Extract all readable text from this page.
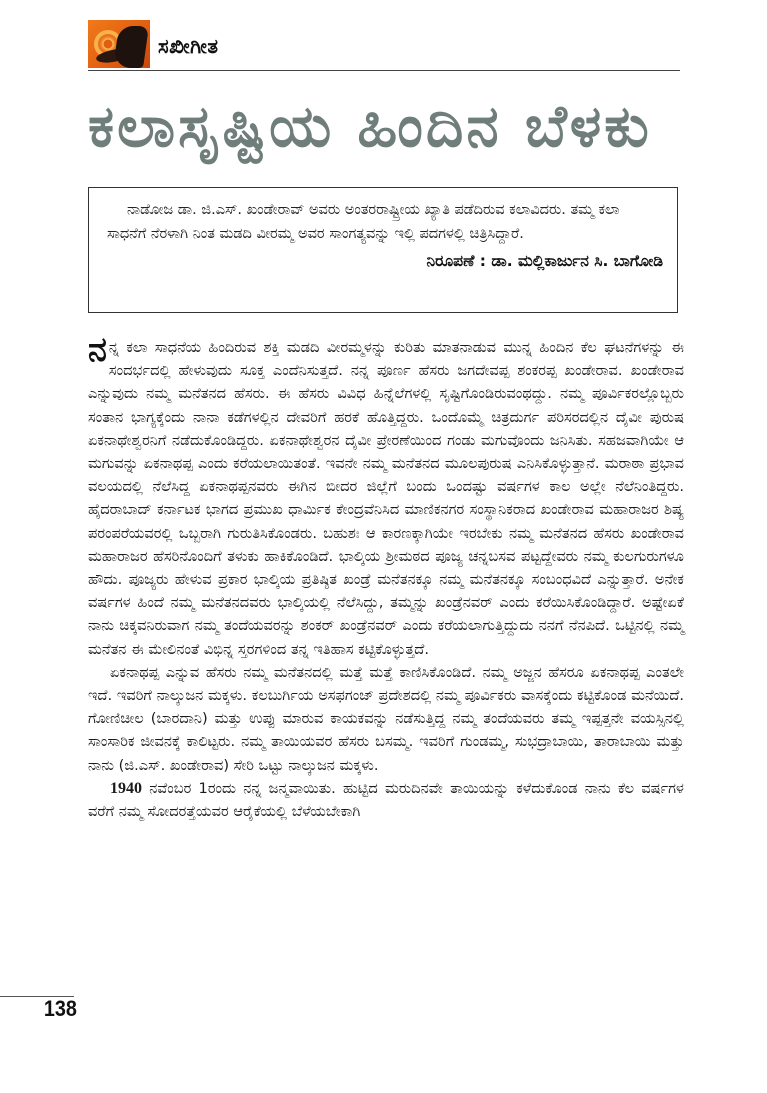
ಸಖೀಗೀತ
ಕಲಾಸೃಷ್ಟಿಯ ಹಿಂದಿನ ಬೆಳಕು

ನಾಡೋಜ ಡಾ. ಜಿ.ಎಸ್. ಖಂಡೇರಾವ್ ಅವರು ಅಂತರರಾಷ್ಟ್ರೀಯ ಖ್ಯಾತಿ ಪಡೆದಿರುವ ಕಲಾವಿದರು. ತಮ್ಮ ಕಲಾ ಸಾಧನೆಗೆ ನೆರಳಾಗಿ ನಿಂತ ಮಡದಿ ವೀರಮ್ಮ ಅವರ ಸಾಂಗತ್ಯವನ್ನು ಇಲ್ಲಿ ಪದಗಳಲ್ಲಿ ಚಿತ್ರಿಸಿದ್ದಾರೆ.

ನಿರೂಪಣೆ : ಡಾ. ಮಲ್ಲಿಕಾರ್ಜುನ ಸಿ. ಬಾಗೋಡಿ

ನನ್ನ ಕಲಾ ಸಾಧನೆಯ ಹಿಂದಿರುವ ಶಕ್ತಿ ಮಡದಿ ವೀರಮ್ಮಳನ್ನು ಕುರಿತು ಮಾತನಾಡುವ ಮುನ್ನ ಹಿಂದಿನ ಕೆಲ ಘಟನೆಗಳನ್ನು ಈ ಸಂದರ್ಭದಲ್ಲಿ ಹೇಳುವುದು ಸೂಕ್ತ ಎಂದೆನಿಸುತ್ತದೆ. ನನ್ನ ಪೂರ್ಣ ಹೆಸರು ಜಗದೇವಪ್ಪ ಶಂಕರಪ್ಪ ಖಂಡೇರಾವ. ಖಂಡೇರಾವ ಎನ್ನುವುದು ನಮ್ಮ ಮನೆತನದ ಹೆಸರು. ಈ ಹೆಸರು ವಿವಿಧ ಹಿನ್ನೆಲೆಗಳಲ್ಲಿ ಸೃಷ್ಟಿಗೊಂಡಿರುವಂಥದ್ದು. ನಮ್ಮ ಪೂರ್ವಿಕರಲ್ಲೊಬ್ಬರು ಸಂತಾನ ಭಾಗ್ಯಕ್ಕೆಂದು ನಾನಾ ಕಡೆಗಳಲ್ಲಿನ ದೇವರಿಗೆ ಹರಕೆ ಹೊತ್ತಿದ್ದರು. ಒಂದೊಮ್ಮೆ ಚಿತ್ರದುರ್ಗ ಪರಿಸರದಲ್ಲಿನ ದೈವೀ ಪುರುಷ ಏಕನಾಥೇಶ್ವರನಿಗೆ ನಡೆದುಕೊಂಡಿದ್ದರು. ಏಕನಾಥೇಶ್ವರನ ದೈವೀ ಪ್ರೇರಣೆಯಿಂದ ಗಂಡು ಮಗುವೊಂದು ಜನಿಸಿತು. ಸಹಜವಾಗಿಯೇ ಆ ಮಗುವನ್ನು ಏಕನಾಥಪ್ಪ ಎಂದು ಕರೆಯಲಾಯಿತಂತೆ. ಇವನೇ ನಮ್ಮ ಮನೆತನದ ಮೂಲಪುರುಷ ಎನಿಸಿಕೊಳ್ಳುತ್ತಾನೆ. ಮರಾಠಾ ಪ್ರಭಾವ ವಲಯದಲ್ಲಿ ನೆಲೆಸಿದ್ದ ಏಕನಾಥಪ್ಪನವರು ಈಗಿನ ಬೀದರ ಜಿಲ್ಲೆಗೆ ಬಂದು ಒಂದಷ್ಟು ವರ್ಷಗಳ ಕಾಲ ಅಲ್ಲೇ ನೆಲೆನಿಂತಿದ್ದರು. ಹೈದರಾಬಾದ್ ಕರ್ನಾಟಕ ಭಾಗದ ಪ್ರಮುಖ ಧಾರ್ಮಿಕ ಕೇಂದ್ರವೆನಿಸಿದ ಮಾಣಿಕನಗರ ಸಂಸ್ಥಾನಿಕರಾದ ಖಂಡೇರಾವ ಮಹಾರಾಜರ ಶಿಷ್ಯ ಪರಂಪರೆಯವರಲ್ಲಿ ಒಬ್ಬರಾಗಿ ಗುರುತಿಸಿಕೊಂಡರು. ಬಹುಶಃ ಆ ಕಾರಣಕ್ಕಾಗಿಯೇ ಇರಬೇಕು ನಮ್ಮ ಮನೆತನದ ಹೆಸರು ಖಂಡೇರಾವ ಮಹಾರಾಜರ ಹೆಸರಿನೊಂದಿಗೆ ತಳುಕು ಹಾಕಿಕೊಂಡಿದೆ. ಭಾಲ್ಕಿಯ ಶ್ರೀಮಠದ ಪೂಜ್ಯ ಚನ್ನಬಸವ ಪಟ್ಟದ್ದೇವರು ನಮ್ಮ ಕುಲಗುರುಗಳೂ ಹೌದು. ಪೂಜ್ಯರು ಹೇಳುವ ಪ್ರಕಾರ ಭಾಲ್ಕಿಯ ಪ್ರತಿಷ್ಠಿತ ಖಂಡ್ರೆ ಮನೆತನಕ್ಕೂ ನಮ್ಮ ಮನೆತನಕ್ಕೂ ಸಂಬಂಧವಿದೆ ಎನ್ನುತ್ತಾರೆ. ಅನೇಕ ವರ್ಷಗಳ ಹಿಂದೆ ನಮ್ಮ ಮನೆತನದವರು ಭಾಲ್ಕಿಯಲ್ಲಿ ನೆಲೆಸಿದ್ದು, ತಮ್ಮನ್ನು ಖಂಡ್ರೆನವರ್ ಎಂದು ಕರೆಯಿಸಿಕೊಂಡಿದ್ದಾರೆ. ಅಷ್ಟೇಏಕೆ ನಾನು ಚಿಕ್ಕವನಿರುವಾಗ ನಮ್ಮ ತಂದೆಯವರನ್ನು ಶಂಕರ್ ಖಂಡ್ರೆನವರ್ ಎಂದು ಕರೆಯಲಾಗುತ್ತಿದ್ದುದು ನನಗೆ ನೆನಪಿದೆ. ಒಟ್ಟಿನಲ್ಲಿ ನಮ್ಮ ಮನೆತನ ಈ ಮೇಲಿನಂತೆ ವಿಭಿನ್ನ ಸ್ತರಗಳಿಂದ ತನ್ನ ಇತಿಹಾಸ ಕಟ್ಟಿಕೊಳ್ಳುತ್ತದೆ.

ಏಕನಾಥಪ್ಪ ಎನ್ನುವ ಹೆಸರು ನಮ್ಮ ಮನೆತನದಲ್ಲಿ ಮತ್ತೆ ಮತ್ತೆ ಕಾಣಿಸಿಕೊಂಡಿದೆ. ನಮ್ಮ ಅಜ್ಜನ ಹೆಸರೂ ಏಕನಾಥಪ್ಪ ಎಂತಲೇ ಇದೆ. ಇವರಿಗೆ ನಾಲ್ಕುಜನ ಮಕ್ಕಳು. ಕಲಬುರ್ಗಿಯ ಅಸಫಗಂಜ್ ಪ್ರದೇಶದಲ್ಲಿ ನಮ್ಮ ಪೂರ್ವಿಕರು ವಾಸಕ್ಕೆಂದು ಕಟ್ಟಿಕೊಂಡ ಮನೆಯಿದೆ. ಗೋಣಿಚೀಲ (ಬಾರದಾನಿ) ಮತ್ತು ಉಪ್ಪು ಮಾರುವ ಕಾಯಕವನ್ನು ನಡೆಸುತ್ತಿದ್ದ ನಮ್ಮ ತಂದೆಯವರು ತಮ್ಮ ಇಪ್ಪತ್ತನೇ ವಯಸ್ಸಿನಲ್ಲಿ ಸಾಂಸಾರಿಕ ಜೀವನಕ್ಕೆ ಕಾಲಿಟ್ಟರು. ನಮ್ಮ ತಾಯಿಯವರ ಹೆಸರು ಬಸಮ್ಮ. ಇವರಿಗೆ ಗುಂಡಮ್ಮ, ಸುಭದ್ರಾಬಾಯಿ, ತಾರಾಬಾಯಿ ಮತ್ತು ನಾನು (ಜಿ.ಎಸ್. ಖಂಡೇರಾವ) ಸೇರಿ ಒಟ್ಟು ನಾಲ್ಕುಜನ ಮಕ್ಕಳು.

1940 ನವೆಂಬರ 1ರಂದು ನನ್ನ ಜನ್ಮವಾಯಿತು. ಹುಟ್ಟಿದ ಮರುದಿನವೇ ತಾಯಿಯನ್ನು ಕಳೆದುಕೊಂಡ ನಾನು ಕೆಲ ವರ್ಷಗಳ ವರೆಗೆ ನಮ್ಮ ಸೋದರತ್ತೆಯವರ ಆರೈಕೆಯಲ್ಲಿ ಬೆಳೆಯಬೇಕಾಗಿ

138
